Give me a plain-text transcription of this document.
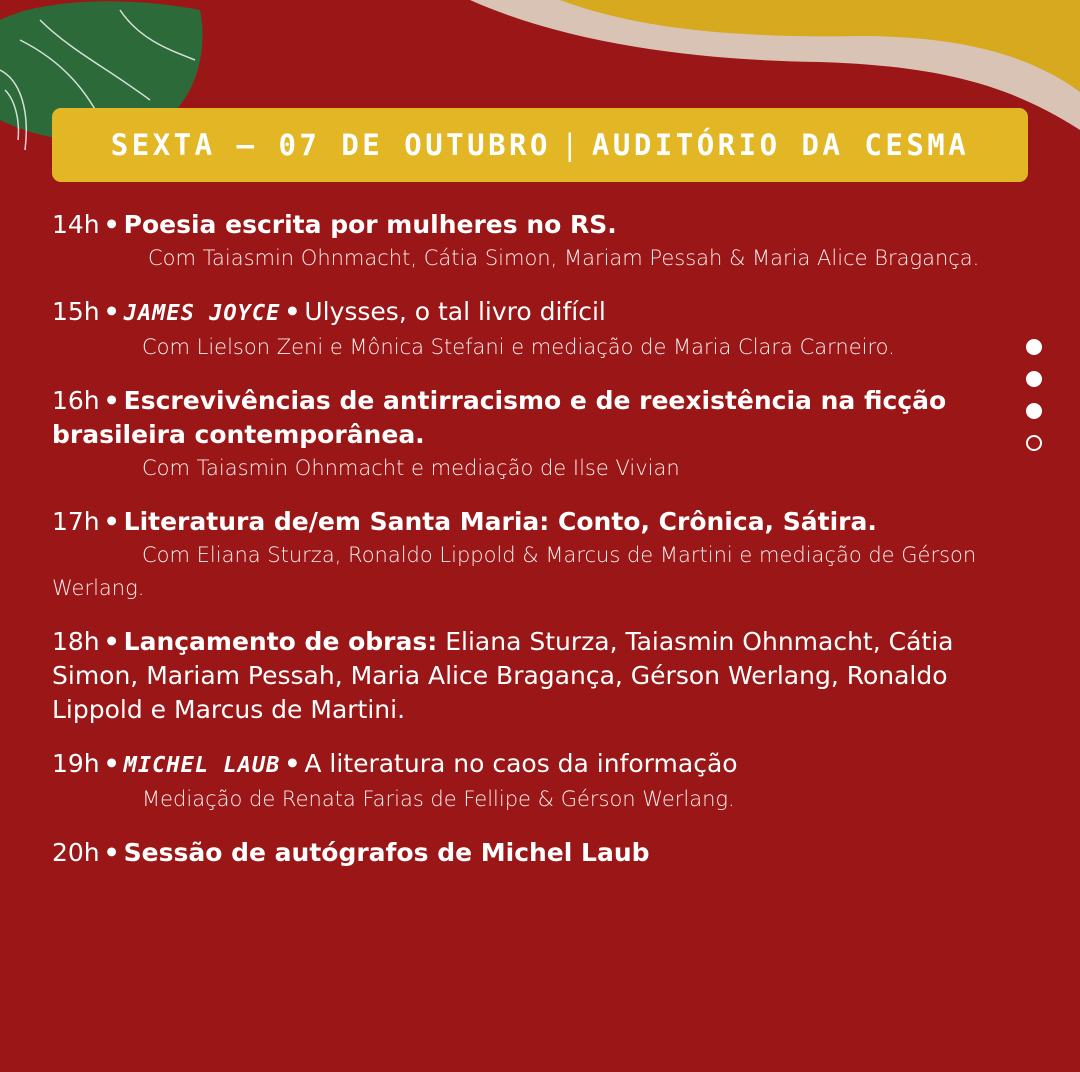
SEXTA – 07 DE OUTUBRO | AUDITÓRIO DA CESMA
14h • Poesia escrita por mulheres no RS.
Com Taiasmin Ohnmacht, Cátia Simon, Mariam Pessah & Maria Alice Bragança.
15h • JAMES JOYCE • Ulysses, o tal livro difícil
Com Lielson Zeni e Mônica Stefani e mediação de Maria Clara Carneiro.
16h • Escrevivências de antirracismo e de reexistência na ficção brasileira contemporânea.
Com Taiasmin Ohnmacht e mediação de Ilse Vivian
17h • Literatura de/em Santa Maria: Conto, Crônica, Sátira.
Com Eliana Sturza, Ronaldo Lippold & Marcus de Martini e mediação de Gérson Werlang.
18h • Lançamento de obras: Eliana Sturza, Taiasmin Ohnmacht, Cátia Simon, Mariam Pessah, Maria Alice Bragança, Gérson Werlang, Ronaldo Lippold e Marcus de Martini.
19h • MICHEL LAUB • A literatura no caos da informação
Mediação de Renata Farias de Fellipe & Gérson Werlang.
20h • Sessão de autógrafos de Michel Laub
